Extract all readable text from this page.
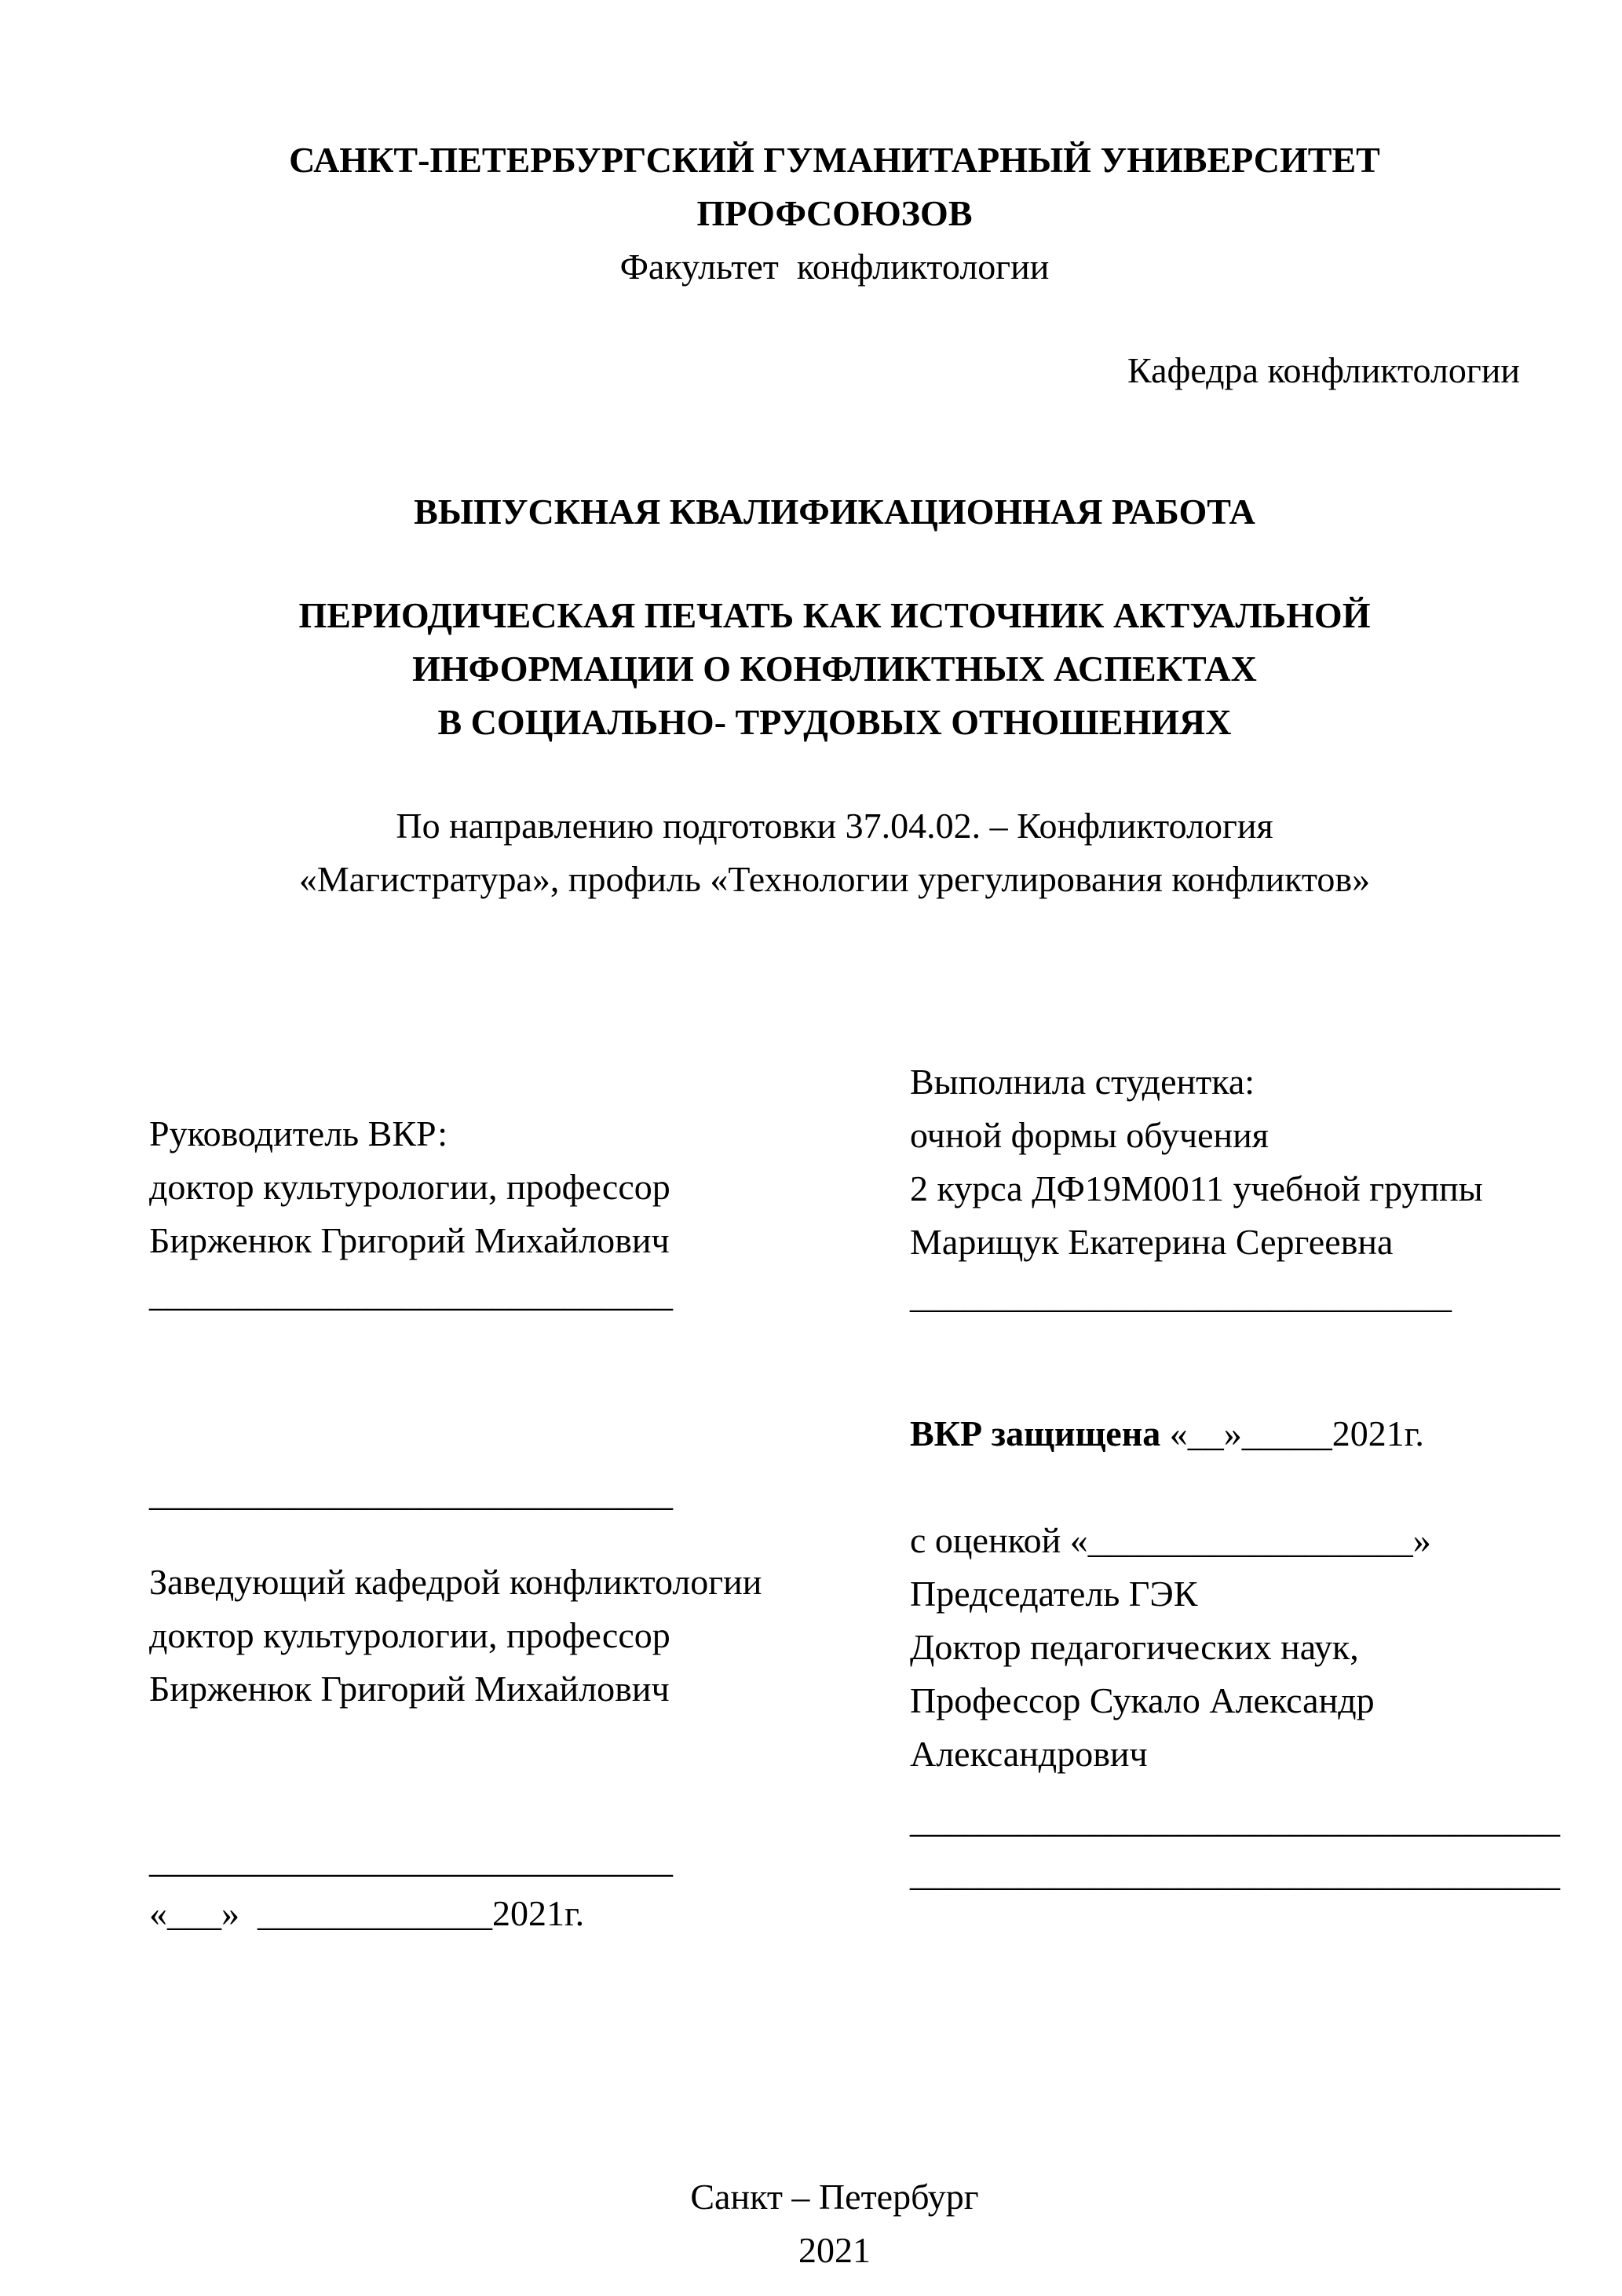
САНКТ-ПЕТЕРБУРГСКИЙ ГУМАНИТАРНЫЙ УНИВЕРСИТЕТ ПРОФСОЮЗОВ
Факультет  конфликтологии
Кафедра конфликтологии
ВЫПУСКНАЯ КВАЛИФИКАЦИОННАЯ РАБОТА
ПЕРИОДИЧЕСКАЯ ПЕЧАТЬ КАК ИСТОЧНИК АКТУАЛЬНОЙ
ИНФОРМАЦИИ О КОНФЛИКТНЫХ АСПЕКТАХ
В СОЦИАЛЬНО- ТРУДОВЫХ ОТНОШЕНИЯХ
По направлению подготовки 37.04.02. – Конфликтология
«Магистратура», профиль «Технологии урегулирования конфликтов»
Руководитель ВКР:
доктор культурологии, профессор
Бирженюк Григорий Михайлович
_____________________________
_____________________________
Заведующий кафедрой конфликтологии
доктор культурологии, профессор
Бирженюк Григорий Михайлович
_____________________________
«___»  _____________2021г.
Выполнила студентка:
очной формы обучения
2 курса ДФ19М0011 учебной группы
Марищук Екатерина Сергеевна
______________________________
ВКР защищена «__»_____2021г.
с оценкой «__________________»
Председатель ГЭК
Доктор педагогических наук,
Профессор Сукало Александр
Александрович
____________________________________
____________________________________
Санкт – Петербург
2021
